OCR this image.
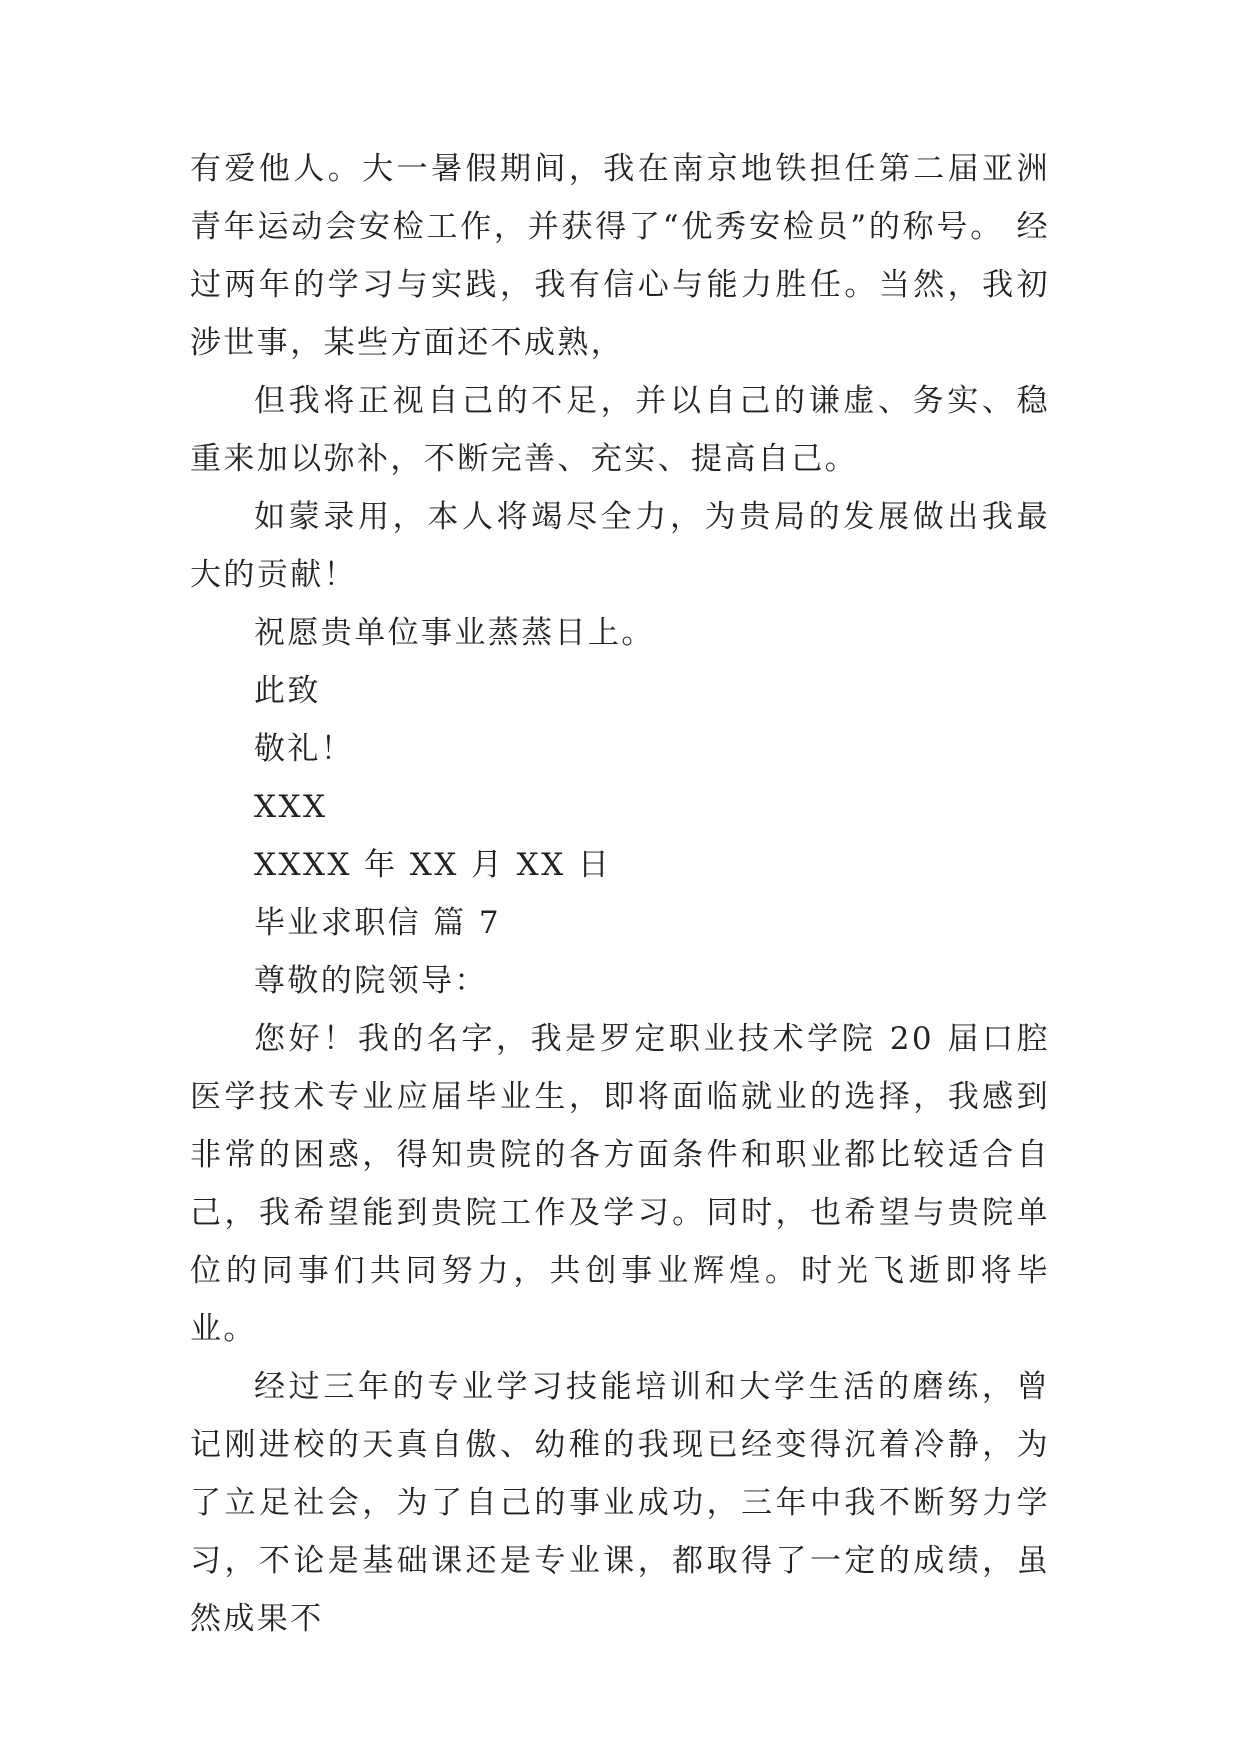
有爱他人。大一暑假期间，我在南京地铁担任第二届亚洲青年运动会安检工作，并获得了“优秀安检员”的称号。 经过两年的学习与实践，我有信心与能力胜任。当然，我初涉世事，某些方面还不成熟，

但我将正视自己的不足，并以自己的谦虚、务实、稳重来加以弥补，不断完善、充实、提高自己。

如蒙录用，本人将竭尽全力，为贵局的发展做出我最大的贡献！

祝愿贵单位事业蒸蒸日上。

此致

敬礼！

XXX

XXXX 年 XX 月 XX 日

毕业求职信 篇 7

尊敬的院领导：

您好！我的名字，我是罗定职业技术学院 20 届口腔医学技术专业应届毕业生，即将面临就业的选择，我感到非常的困惑，得知贵院的各方面条件和职业都比较适合自己，我希望能到贵院工作及学习。同时，也希望与贵院单位的同事们共同努力，共创事业辉煌。时光飞逝即将毕业。

经过三年的专业学习技能培训和大学生活的磨练，曾记刚进校的天真自傲、幼稚的我现已经变得沉着冷静，为了立足社会，为了自己的事业成功，三年中我不断努力学习，不论是基础课还是专业课，都取得了一定的成绩，虽然成果不
